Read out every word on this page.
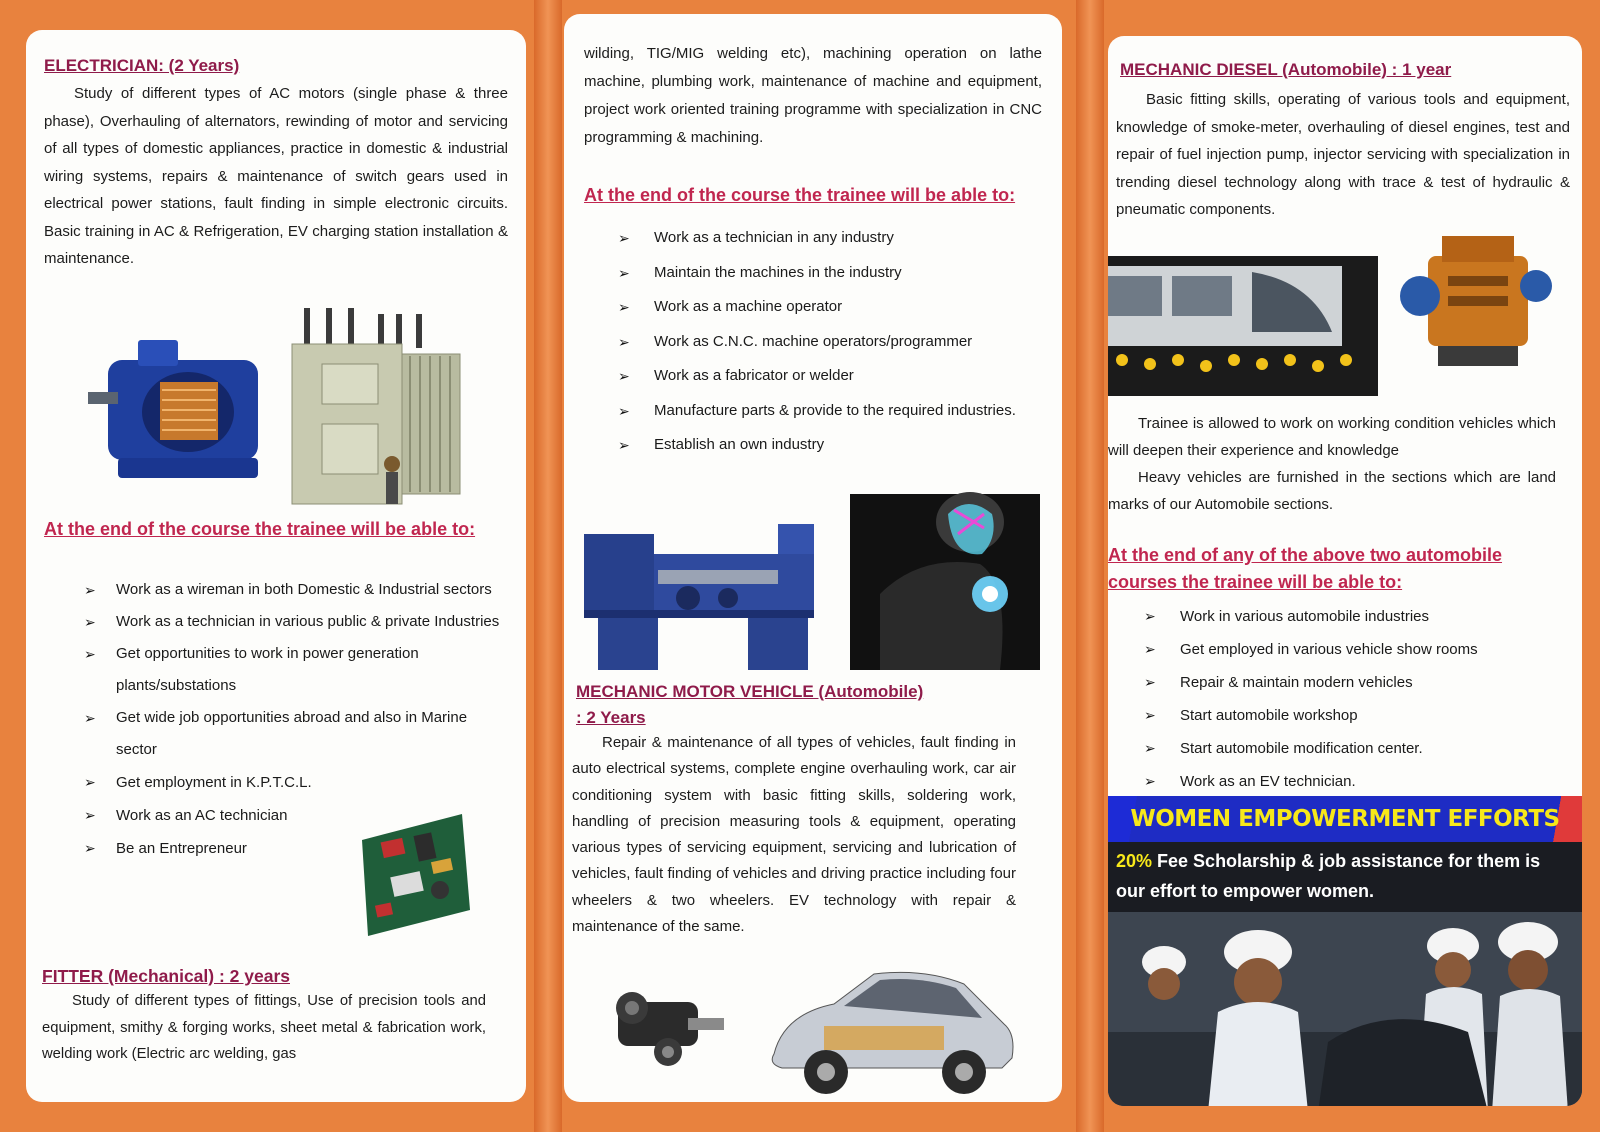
ELECTRICIAN: (2 Years)

Study of different types of AC motors (single phase & three phase), Overhauling of alternators, rewinding of motor and servicing of all types of domestic appliances, practice in domestic & industrial wiring systems, repairs & maintenance of switch gears used in electrical power stations, fault finding in simple electronic circuits. Basic training in AC & Refrigeration, EV charging station installation & maintenance.

At the end of the course the trainee will be able to:
➢ Work as a wireman in both Domestic & Industrial sectors
➢ Work as a technician in various public & private Industries
➢ Get opportunities to work in power generation plants/substations
➢ Get wide job opportunities abroad and also in Marine sector
➢ Get employment in K.P.T.C.L.
➢ Work as an AC technician
➢ Be an Entrepreneur
FITTER (Mechanical) : 2 years

Study of different types of fittings, Use of precision tools and equipment, smithy & forging works, sheet metal & fabrication work, welding work (Electric arc welding, gas

wilding, TIG/MIG welding etc), machining operation on lathe machine, plumbing work, maintenance of machine and equipment, project work oriented training programme with specialization in CNC programming & machining.

At the end of the course the trainee will be able to:
➢ Work as a technician in any industry
➢ Maintain the machines in the industry
➢ Work as a machine operator
➢ Work as C.N.C. machine operators/programmer
➢ Work as a fabricator or welder
➢ Manufacture parts & provide to the required industries.
➢ Establish an own industry
MECHANIC MOTOR VEHICLE (Automobile)
: 2 Years

Repair & maintenance of all types of vehicles, fault finding in auto electrical systems, complete engine overhauling work, car air conditioning system with basic fitting skills, soldering work, handling of precision measuring tools & equipment, operating various types of servicing equipment, servicing and lubrication of vehicles, fault finding of vehicles and driving practice including four wheelers & two wheelers. EV technology with repair & maintenance of the same.

MECHANIC DIESEL (Automobile) : 1 year

Basic fitting skills, operating of various tools and equipment, knowledge of smoke-meter, overhauling of diesel engines, test and repair of fuel injection pump, injector servicing with specialization in trending diesel technology along with trace & test of hydraulic & pneumatic components.

Trainee is allowed to work on working condition vehicles which will deepen their experience and knowledge

Heavy vehicles are furnished in the sections which are land marks of our Automobile sections.

At the end of any of the above two automobile courses the trainee will be able to:
➢ Work in various automobile industries
➢ Get employed in various vehicle show rooms
➢ Repair & maintain modern vehicles
➢ Start automobile workshop
➢ Start automobile modification center.
➢ Work as an EV technician.
WOMEN EMPOWERMENT EFFORTS
20% Fee Scholarship & job assistance for them is our effort to empower women.
